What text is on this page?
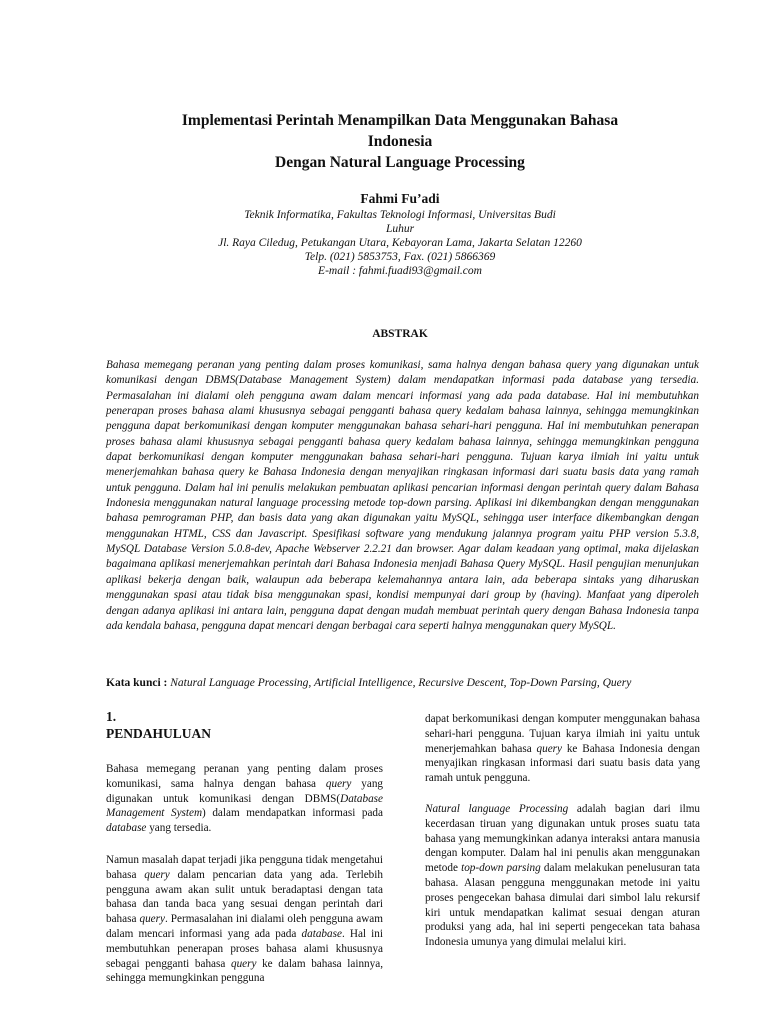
Implementasi Perintah Menampilkan Data Menggunakan Bahasa
Indonesia
Dengan Natural Language Processing
Fahmi Fu’adi
Teknik Informatika, Fakultas Teknologi Informasi, Universitas Budi
Luhur
Jl. Raya Ciledug, Petukangan Utara, Kebayoran Lama, Jakarta Selatan 12260
Telp. (021) 5853753, Fax. (021) 5866369
E-mail : fahmi.fuadi93@gmail.com
ABSTRAK

Bahasa memegang peranan yang penting dalam proses komunikasi, sama halnya dengan bahasa query yang digunakan untuk komunikasi dengan DBMS(Database Management System) dalam mendapatkan informasi pada database yang tersedia. Permasalahan ini dialami oleh pengguna awam dalam mencari informasi yang ada pada database. Hal ini membutuhkan penerapan proses bahasa alami khususnya sebagai pengganti bahasa query kedalam bahasa lainnya, sehingga memungkinkan pengguna dapat berkomunikasi dengan komputer menggunakan bahasa sehari-hari pengguna. Hal ini membutuhkan penerapan proses bahasa alami khususnya sebagai pengganti bahasa query kedalam bahasa lainnya, sehingga memungkinkan pengguna dapat berkomunikasi dengan komputer menggunakan bahasa sehari-hari pengguna. Tujuan karya ilmiah ini yaitu untuk menerjemahkan bahasa query ke Bahasa Indonesia dengan menyajikan ringkasan informasi dari suatu basis data yang ramah untuk pengguna. Dalam hal ini penulis melakukan pembuatan aplikasi pencarian informasi dengan perintah query dalam Bahasa Indonesia menggunakan natural language processing metode top-down parsing. Aplikasi ini dikembangkan dengan menggunakan bahasa pemrograman PHP, dan basis data yang akan digunakan yaitu MySQL, sehingga user interface dikembangkan dengan menggunakan HTML, CSS dan Javascript. Spesifikasi software yang mendukung jalannya program yaitu PHP version 5.3.8, MySQL Database Version 5.0.8-dev, Apache Webserver 2.2.21 dan browser. Agar dalam keadaan yang optimal, maka dijelaskan bagaimana aplikasi menerjemahkan perintah dari Bahasa Indonesia menjadi Bahasa Query MySQL. Hasil pengujian menunjukan aplikasi bekerja dengan baik, walaupun ada beberapa kelemahannya antara lain, ada beberapa sintaks yang diharuskan menggunakan spasi atau tidak bisa menggunakan spasi, kondisi mempunyai dari group by (having). Manfaat yang diperoleh dengan adanya aplikasi ini antara lain, pengguna dapat dengan mudah membuat perintah query dengan Bahasa Indonesia tanpa ada kendala bahasa, pengguna dapat mencari dengan berbagai cara seperti halnya menggunakan query MySQL.

Kata kunci : Natural Language Processing, Artificial Intelligence, Recursive Descent, Top-Down Parsing, Query

1.
PENDAHULUAN

Bahasa memegang peranan yang penting dalam proses komunikasi, sama halnya dengan bahasa query yang digunakan untuk komunikasi dengan DBMS(Database Management System) dalam mendapatkan informasi pada database yang tersedia.

Namun masalah dapat terjadi jika pengguna tidak mengetahui bahasa query dalam pencarian data yang ada. Terlebih pengguna awam akan sulit untuk beradaptasi dengan tata bahasa dan tanda baca yang sesuai dengan perintah dari bahasa query. Permasalahan ini dialami oleh pengguna awam dalam mencari informasi yang ada pada database. Hal ini membutuhkan penerapan proses bahasa alami khususnya sebagai pengganti bahasa query ke dalam bahasa lainnya, sehingga memungkinkan pengguna

dapat berkomunikasi dengan komputer menggunakan bahasa sehari-hari pengguna. Tujuan karya ilmiah ini yaitu untuk menerjemahkan bahasa query ke Bahasa Indonesia dengan menyajikan ringkasan informasi dari suatu basis data yang ramah untuk pengguna.

Natural language Processing adalah bagian dari ilmu kecerdasan tiruan yang digunakan untuk proses suatu tata bahasa yang memungkinkan adanya interaksi antara manusia dengan komputer. Dalam hal ini penulis akan menggunakan metode top-down parsing dalam melakukan penelusuran tata bahasa. Alasan pengguna menggunakan metode ini yaitu proses pengecekan bahasa dimulai dari simbol lalu rekursif kiri untuk mendapatkan kalimat sesuai dengan aturan produksi yang ada, hal ini seperti pengecekan tata bahasa Indonesia umunya yang dimulai melalui kiri.
